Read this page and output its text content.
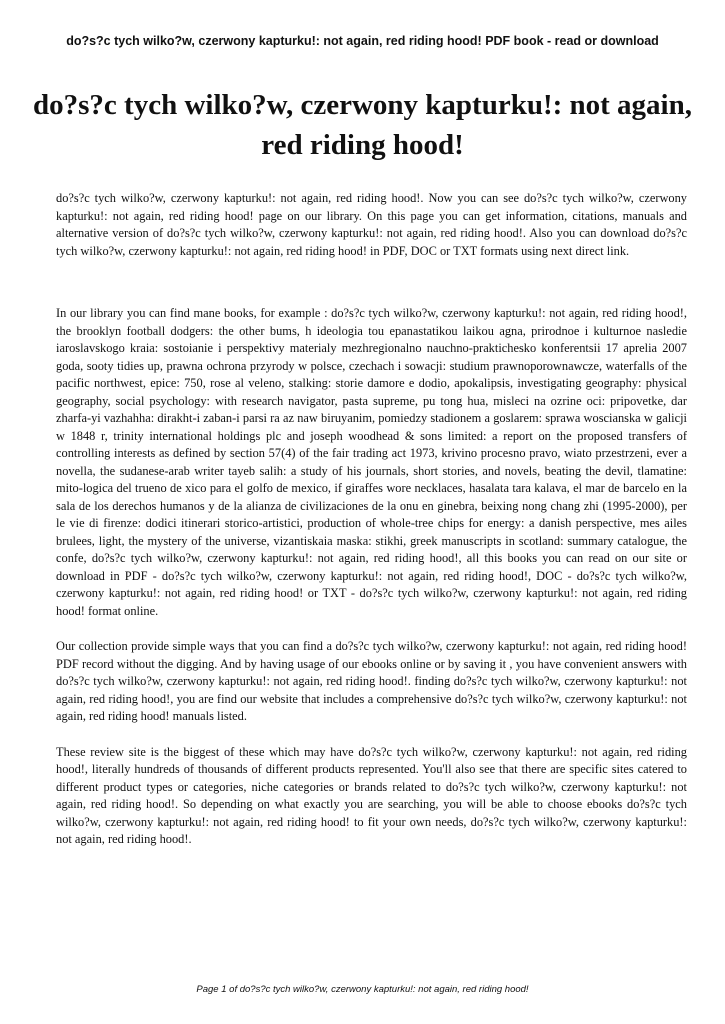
do?s?c tych wilko?w, czerwony kapturku!: not again, red riding hood! PDF book - read or download
do?s?c tych wilko?w, czerwony kapturku!: not again, red riding hood!

do?s?c tych wilko?w, czerwony kapturku!: not again, red riding hood!. Now you can see do?s?c tych wilko?w, czerwony kapturku!: not again, red riding hood! page on our library. On this page you can get information, citations, manuals and alternative version of do?s?c tych wilko?w, czerwony kapturku!: not again, red riding hood!. Also you can download do?s?c tych wilko?w, czerwony kapturku!: not again, red riding hood! in PDF, DOC or TXT formats using next direct link.

In our library you can find mane books, for example : do?s?c tych wilko?w, czerwony kapturku!: not again, red riding hood!, the brooklyn football dodgers: the other bums, h ideologia tou epanastatikou laikou agna, prirodnoe i kulturnoe nasledie iaroslavskogo kraia: sostoianie i perspektivy materialy mezhregionalno nauchno-prakticheskо konferentsii 17 aprelia 2007 goda, sooty tidies up, prawna ochrona przyrody w polsce, czechach i sowacji: studium prawnoporownawcze, waterfalls of the pacific northwest, epice: 750, rose al veleno, stalking: storie damore e dodio, apokalipsis, investigating geography: physical geography, social psychology: with research navigator, pasta supreme, pu tong hua, misleci na ozrine oci: pripovetke, dar zharfa-yi vazhahha: dirakht-i zaban-i parsi ra az naw biruyanim, pomiedzy stadionem a goslarem: sprawa woscianska w galicji w 1848 r, trinity international holdings plc and joseph woodhead & sons limited: a report on the proposed transfers of controlling interests as defined by section 57(4) of the fair trading act 1973, krivino procesno pravo, wiato przestrzeni, ever a novella, the sudanese-arab writer tayeb salih: a study of his journals, short stories, and novels, beating the devil, tlamatine: mito-logica del trueno de xico para el golfo de mexico, if giraffes wore necklaces, hasalata tara kalava, el mar de barcelo en la sala de los derechos humanos y de la alianza de civilizaciones de la onu en ginebra, beixing nong chang zhi (1995-2000), per le vie di firenze: dodici itinerari storico-artistici, production of whole-tree chips for energy: a danish perspective, mes ailes brulees, light, the mystery of the universe, vizantiskaia maska: stikhi, greek manuscripts in scotland: summary catalogue, the confe, do?s?c tych wilko?w, czerwony kapturku!: not again, red riding hood!, all this books you can read on our site or download in PDF - do?s?c tych wilko?w, czerwony kapturku!: not again, red riding hood!, DOC - do?s?c tych wilko?w, czerwony kapturku!: not again, red riding hood! or TXT - do?s?c tych wilko?w, czerwony kapturku!: not again, red riding hood! format online.

Our collection provide simple ways that you can find a do?s?c tych wilko?w, czerwony kapturku!: not again, red riding hood! PDF record without the digging. And by having usage of our ebooks online or by saving it , you have convenient answers with do?s?c tych wilko?w, czerwony kapturku!: not again, red riding hood!. finding do?s?c tych wilko?w, czerwony kapturku!: not again, red riding hood!, you are find our website that includes a comprehensive do?s?c tych wilko?w, czerwony kapturku!: not again, red riding hood! manuals listed.

These review site is the biggest of these which may have do?s?c tych wilko?w, czerwony kapturku!: not again, red riding hood!, literally hundreds of thousands of different products represented. You'll also see that there are specific sites catered to different product types or categories, niche categories or brands related to do?s?c tych wilko?w, czerwony kapturku!: not again, red riding hood!. So depending on what exactly you are searching, you will be able to choose ebooks do?s?c tych wilko?w, czerwony kapturku!: not again, red riding hood! to fit your own needs, do?s?c tych wilko?w, czerwony kapturku!: not again, red riding hood!.

Page 1 of do?s?c tych wilko?w, czerwony kapturku!: not again, red riding hood!
